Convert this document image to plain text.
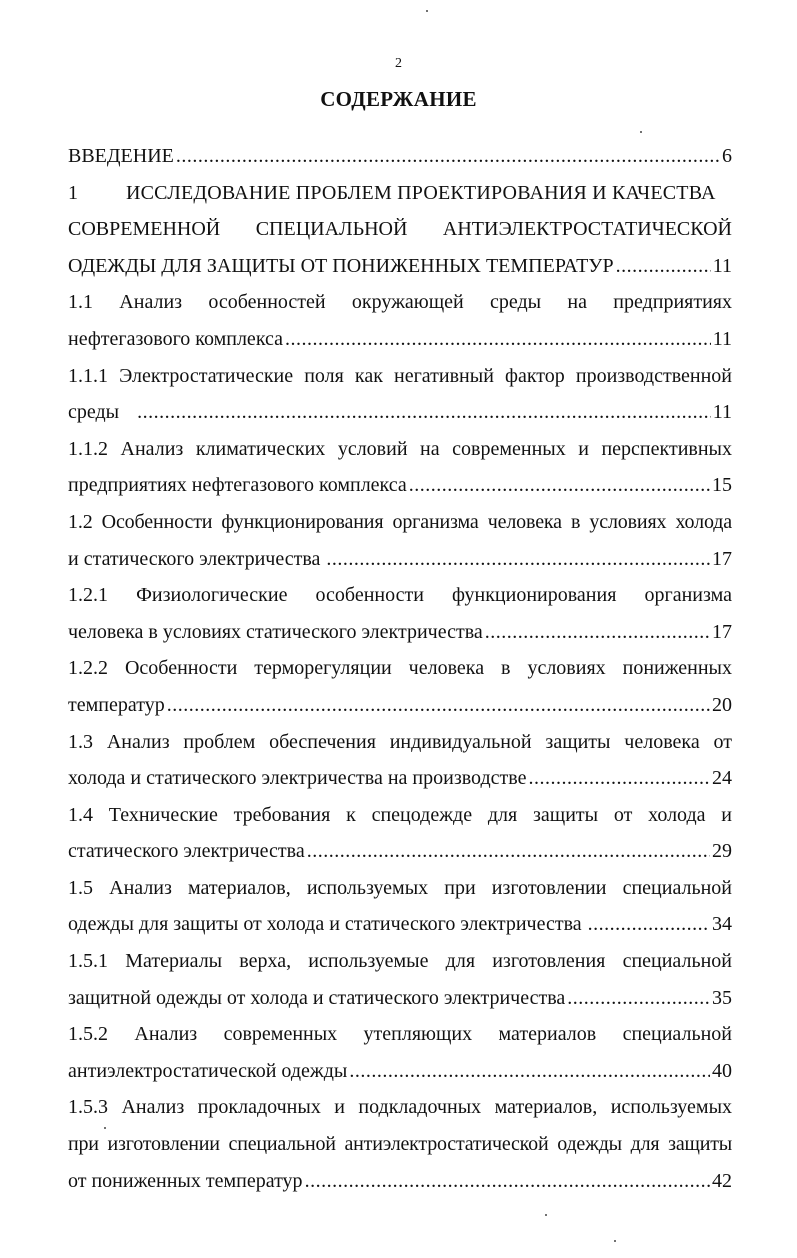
2
СОДЕРЖАНИЕ
ВВЕДЕНИЕ .....	6
1 ИССЛЕДОВАНИЕ ПРОБЛЕМ ПРОЕКТИРОВАНИЯ И КАЧЕСТВА
СОВРЕМЕННОЙ СПЕЦИАЛЬНОЙ АНТИЭЛЕКТРОСТАТИЧЕСКОЙ
ОДЕЖДЫ ДЛЯ ЗАЩИТЫ ОТ ПОНИЖЕННЫХ ТЕМПЕРАТУР .....	11
1.1 Анализ особенностей окружающей среды на предприятиях
нефтегазового комплекса .....	11
1.1.1 Электростатические поля как негативный фактор производственной
среды .....	11
1.1.2 Анализ климатических условий на современных и перспективных
предприятиях нефтегазового комплекса .....	15
1.2 Особенности функционирования организма человека в условиях холода
и статического электричества .....	17
1.2.1 Физиологические особенности функционирования организма
человека в условиях статического электричества .....	17
1.2.2 Особенности терморегуляции человека в условиях пониженных
температур .....	20
1.3 Анализ проблем обеспечения индивидуальной защиты человека от
холода и статического электричества на производстве .....	24
1.4 Технические требования к спецодежде для защиты от холода и
статического электричества .....	29
1.5 Анализ материалов, используемых при изготовлении специальной
одежды для защиты от холода и статического электричества .....	34
1.5.1 Материалы верха, используемые для изготовления специальной
защитной одежды от холода и статического электричества .....	35
1.5.2 Анализ современных утепляющих материалов специальной
антиэлектростатической одежды .....	40
1.5.3 Анализ прокладочных и подкладочных материалов, используемых
при изготовлении специальной антиэлектростатической одежды для защиты
от пониженных температур .....	42
